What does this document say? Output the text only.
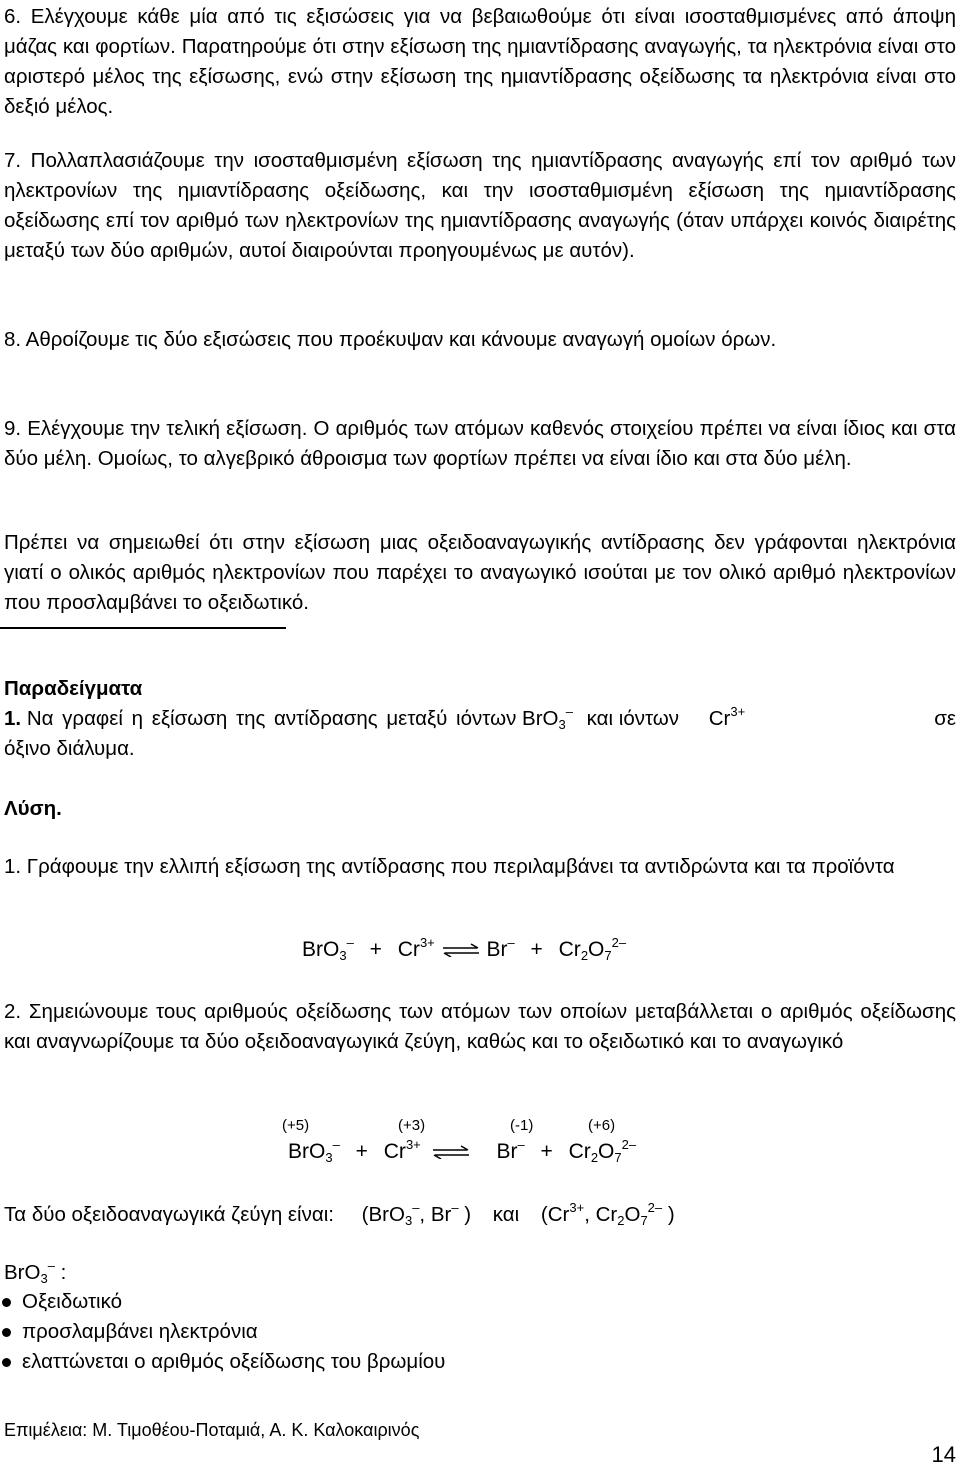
6. Ελέγχουμε κάθε μία από τις εξισώσεις για να βεβαιωθούμε ότι είναι ισοσταθμισμένες από άποψη μάζας και φορτίων. Παρατηρούμε ότι στην εξίσωση της ημιαντίδρασης αναγωγής, τα ηλεκτρόνια είναι στο αριστερό μέλος της εξίσωσης, ενώ στην εξίσωση της ημιαντίδρασης οξείδωσης τα ηλεκτρόνια είναι στο δεξιό μέλος.

7. Πολλαπλασιάζουμε την ισοσταθμισμένη εξίσωση της ημιαντίδρασης αναγωγής επί τον αριθμό των ηλεκτρονίων της ημιαντίδρασης οξείδωσης, και την ισοσταθμισμένη εξίσωση της ημιαντίδρασης οξείδωσης επί τον αριθμό των ηλεκτρονίων της ημιαντίδρασης αναγωγής (όταν υπάρχει κοινός διαιρέτης μεταξύ των δύο αριθμών, αυτοί διαιρούνται προηγουμένως με αυτόν).

8. Αθροίζουμε τις δύο εξισώσεις που προέκυψαν και κάνουμε αναγωγή ομοίων όρων.

9. Ελέγχουμε την τελική εξίσωση. Ο αριθμός των ατόμων καθενός στοιχείου πρέπει να είναι ίδιος και στα δύο μέλη. Ομοίως, το αλγεβρικό άθροισμα των φορτίων πρέπει να είναι ίδιο και στα δύο μέλη.

Πρέπει να σημειωθεί ότι στην εξίσωση μιας οξειδοαναγωγικής αντίδρασης δεν γράφονται ηλεκτρόνια γιατί ο ολικός αριθμός ηλεκτρονίων που παρέχει το αναγωγικό ισούται με τον ολικό αριθμό ηλεκτρονίων που προσλαμβάνει το οξειδωτικό.

Παραδείγματα
1. Να γραφεί η εξίσωση της αντίδρασης μεταξύ ιόντων BrO$_3$– και ιόντων $Cr^{3+}$	σε
όξινο διάλυμα.
Λύση.

1. Γράφουμε την ελλιπή εξίσωση της αντίδρασης που περιλαμβάνει τα αντιδρώντα και τα προϊόντα

$BrO_3^- + Cr^{3+}$ ⇌ $Br^- + Cr_2O_7^{2-}$

2. Σημειώνουμε τους αριθμούς οξείδωσης των ατόμων των οποίων μεταβάλλεται ο αριθμός οξείδωσης και αναγνωρίζουμε τα δύο οξειδοαναγωγικά ζεύγη, καθώς και το οξειδωτικό και το αναγωγικό

(+5)	(+3)	(-1)	(+6)
$BrO_3^- + Cr^{3+}$ ⇌ $Br^- + Cr_2O_7^{2-}$
Τα δύο οξειδοαναγωγικά ζεύγη είναι: (BrO$_3$–, Br– ) και ($Cr^{3+}$, $Cr_2O_7^{2-}$ )
BrO$_3$– :
Οξειδωτικό
προσλαμβάνει ηλεκτρόνια
ελαττώνεται ο αριθμός οξείδωσης του βρωμίου
Επιμέλεια: Μ. Τιμοθέου-Ποταμιά, Α. Κ. Καλοκαιρινός
14
